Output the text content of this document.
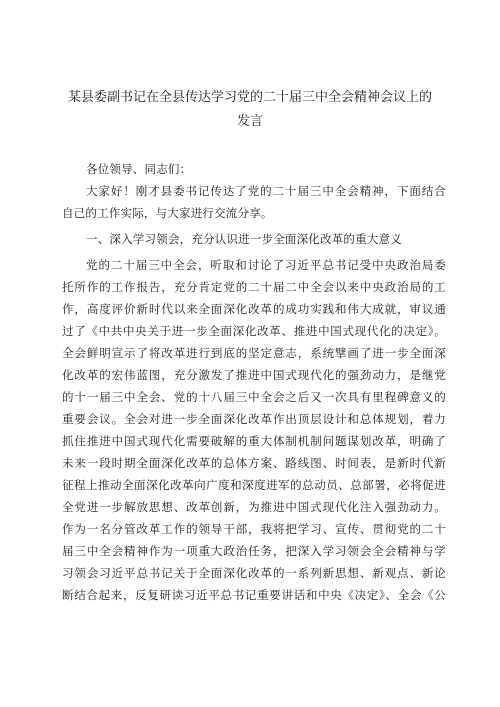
某县委副书记在全县传达学习党的二十届三中全会精神会议上的
发言
各位领导、同志们：
大家好！刚才县委书记传达了党的二十届三中全会精神，下面结合
自己的工作实际，与大家进行交流分享。
一、深入学习领会，充分认识进一步全面深化改革的重大意义
党的二十届三中全会，听取和讨论了习近平总书记受中央政治局委
托所作的工作报告，充分肯定党的二十届二中全会以来中央政治局的工
作，高度评价新时代以来全面深化改革的成功实践和伟大成就，审议通
过了《中共中央关于进一步全面深化改革、推进中国式现代化的决定》。
全会鲜明宣示了将改革进行到底的坚定意志，系统擘画了进一步全面深
化改革的宏伟蓝图，充分激发了推进中国式现代化的强劲动力，是继党
的十一届三中全会、党的十八届三中全会之后又一次具有里程碑意义的
重要会议。全会对进一步全面深化改革作出顶层设计和总体规划，着力
抓住推进中国式现代化需要破解的重大体制机制问题谋划改革，明确了
未来一段时期全面深化改革的总体方案、路线图、时间表，是新时代新
征程上推动全面深化改革向广度和深度进军的总动员、总部署，必将促进
全党进一步解放思想、改革创新，为推进中国式现代化注入强劲动力。
作为一名分管改革工作的领导干部，我将把学习、宣传、贯彻党的二十
届三中全会精神作为一项重大政治任务，把深入学习领会全会精神与学
习领会习近平总书记关于全面深化改革的一系列新思想、新观点、新论
断结合起来，反复研读习近平总书记重要讲话和中央《决定》、全会《公
